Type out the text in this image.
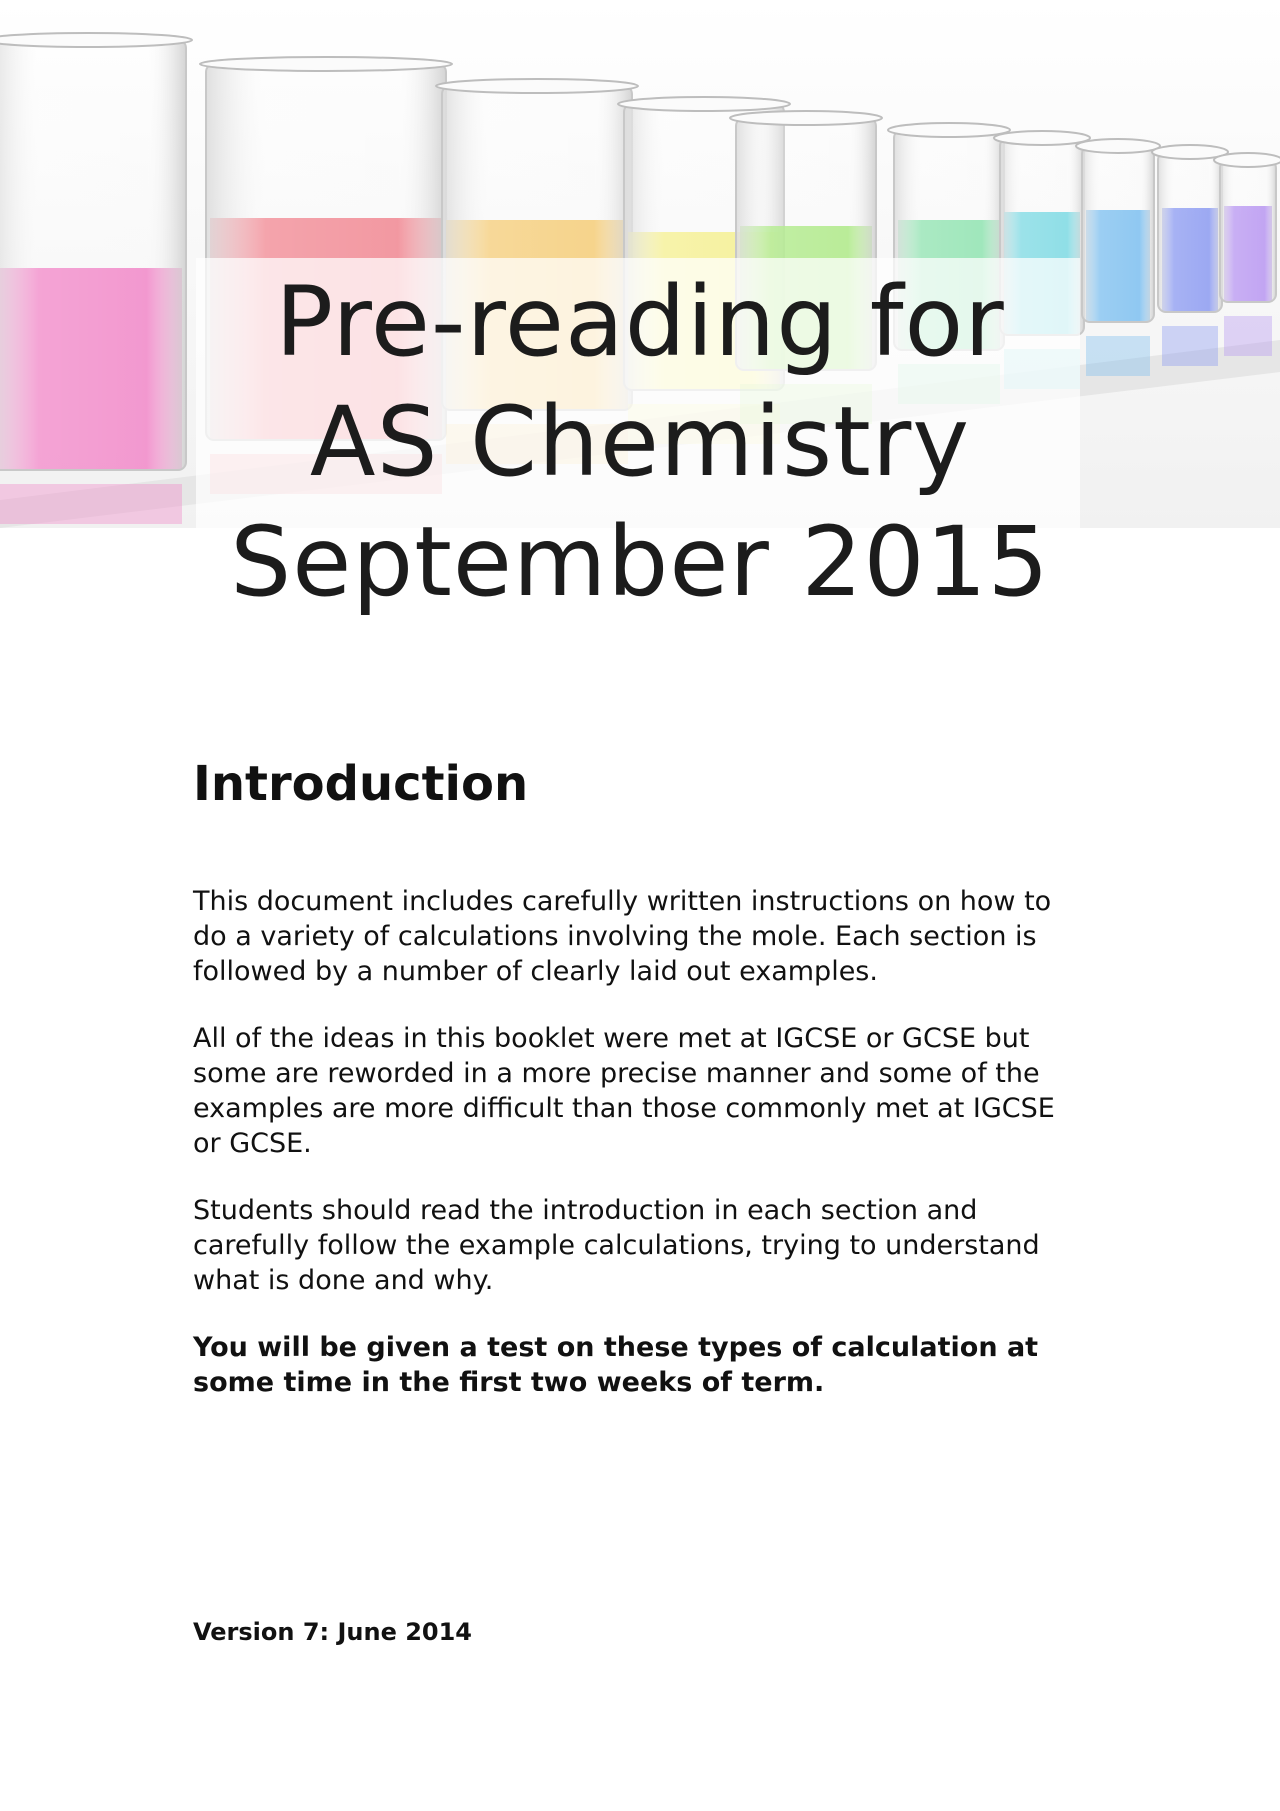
Pre-reading for
AS Chemistry
September 2015
Introduction

This document includes carefully written instructions on how to do a variety of calculations involving the mole. Each section is followed by a number of clearly laid out examples.

All of the ideas in this booklet were met at IGCSE or GCSE but some are reworded in a more precise manner and some of the examples are more difficult than those commonly met at IGCSE or GCSE.

Students should read the introduction in each section and carefully follow the example calculations, trying to understand what is done and why.

You will be given a test on these types of calculation at some time in the first two weeks of term.

Version 7: June 2014
